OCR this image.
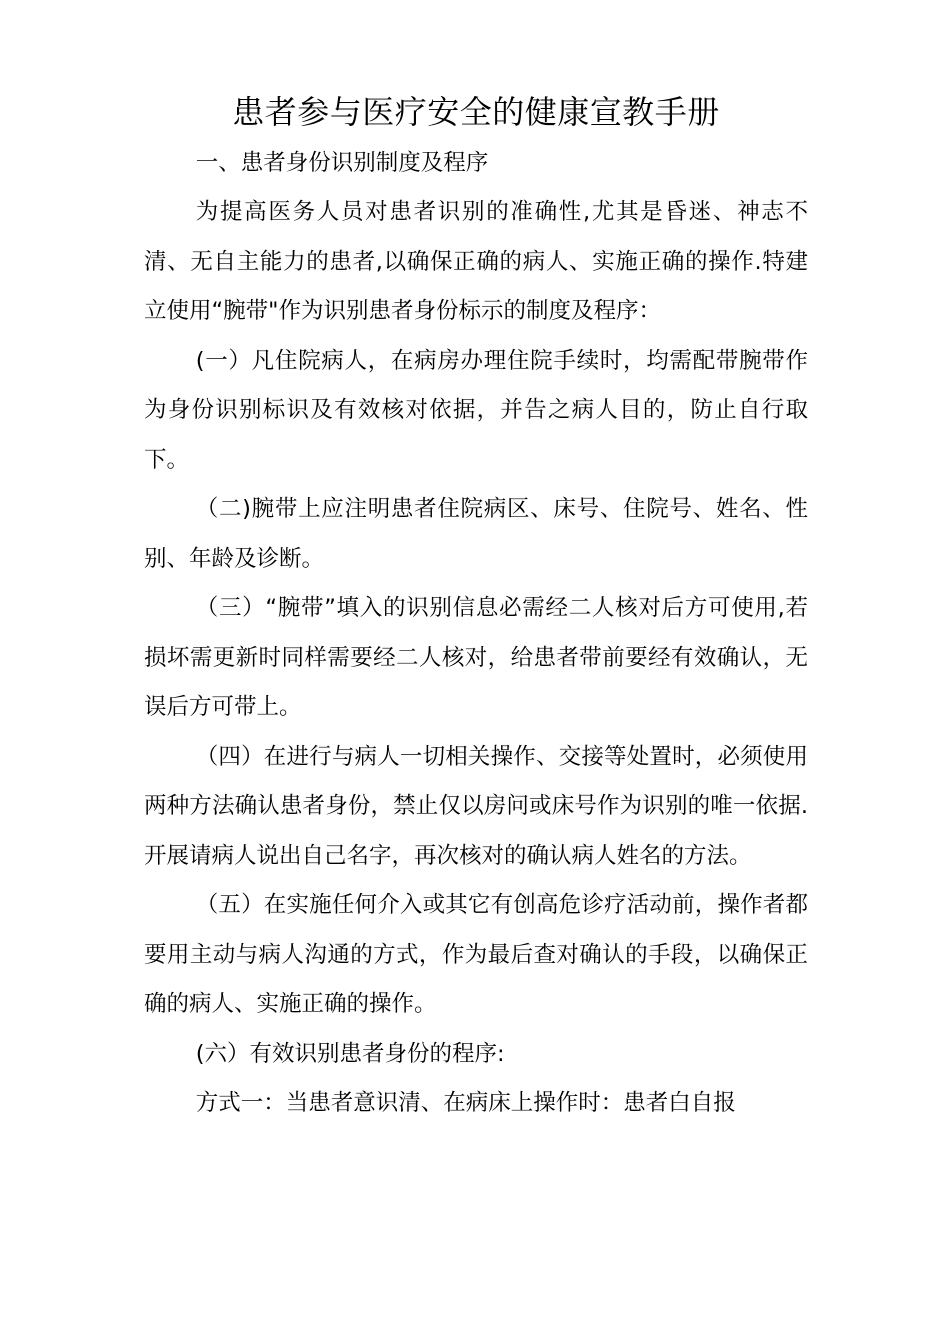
患者参与医疗安全的健康宣教手册

一、患者身份识别制度及程序

为提高医务人员对患者识别的准确性,尤其是昏迷、神志不清、无自主能力的患者,以确保正确的病人、实施正确的操作.特建立使用“腕带"作为识别患者身份标示的制度及程序：

(一）凡住院病人，在病房办理住院手续时，均需配带腕带作为身份识别标识及有效核对依据，并告之病人目的，防止自行取下。

（二)腕带上应注明患者住院病区、床号、住院号、姓名、性别、年龄及诊断。

（三）“腕带”填入的识别信息必需经二人核对后方可使用,若损坏需更新时同样需要经二人核对，给患者带前要经有效确认，无误后方可带上。

（四）在进行与病人一切相关操作、交接等处置时，必须使用两种方法确认患者身份，禁止仅以房问或床号作为识别的唯一依据.开展请病人说出自己名字，再次核对的确认病人姓名的方法。

（五）在实施任何介入或其它有创高危诊疗活动前，操作者都要用主动与病人沟通的方式，作为最后查对确认的手段，以确保正确的病人、实施正确的操作。

(六）有效识别患者身份的程序:

方式一：当患者意识清、在病床上操作时：患者白自报
